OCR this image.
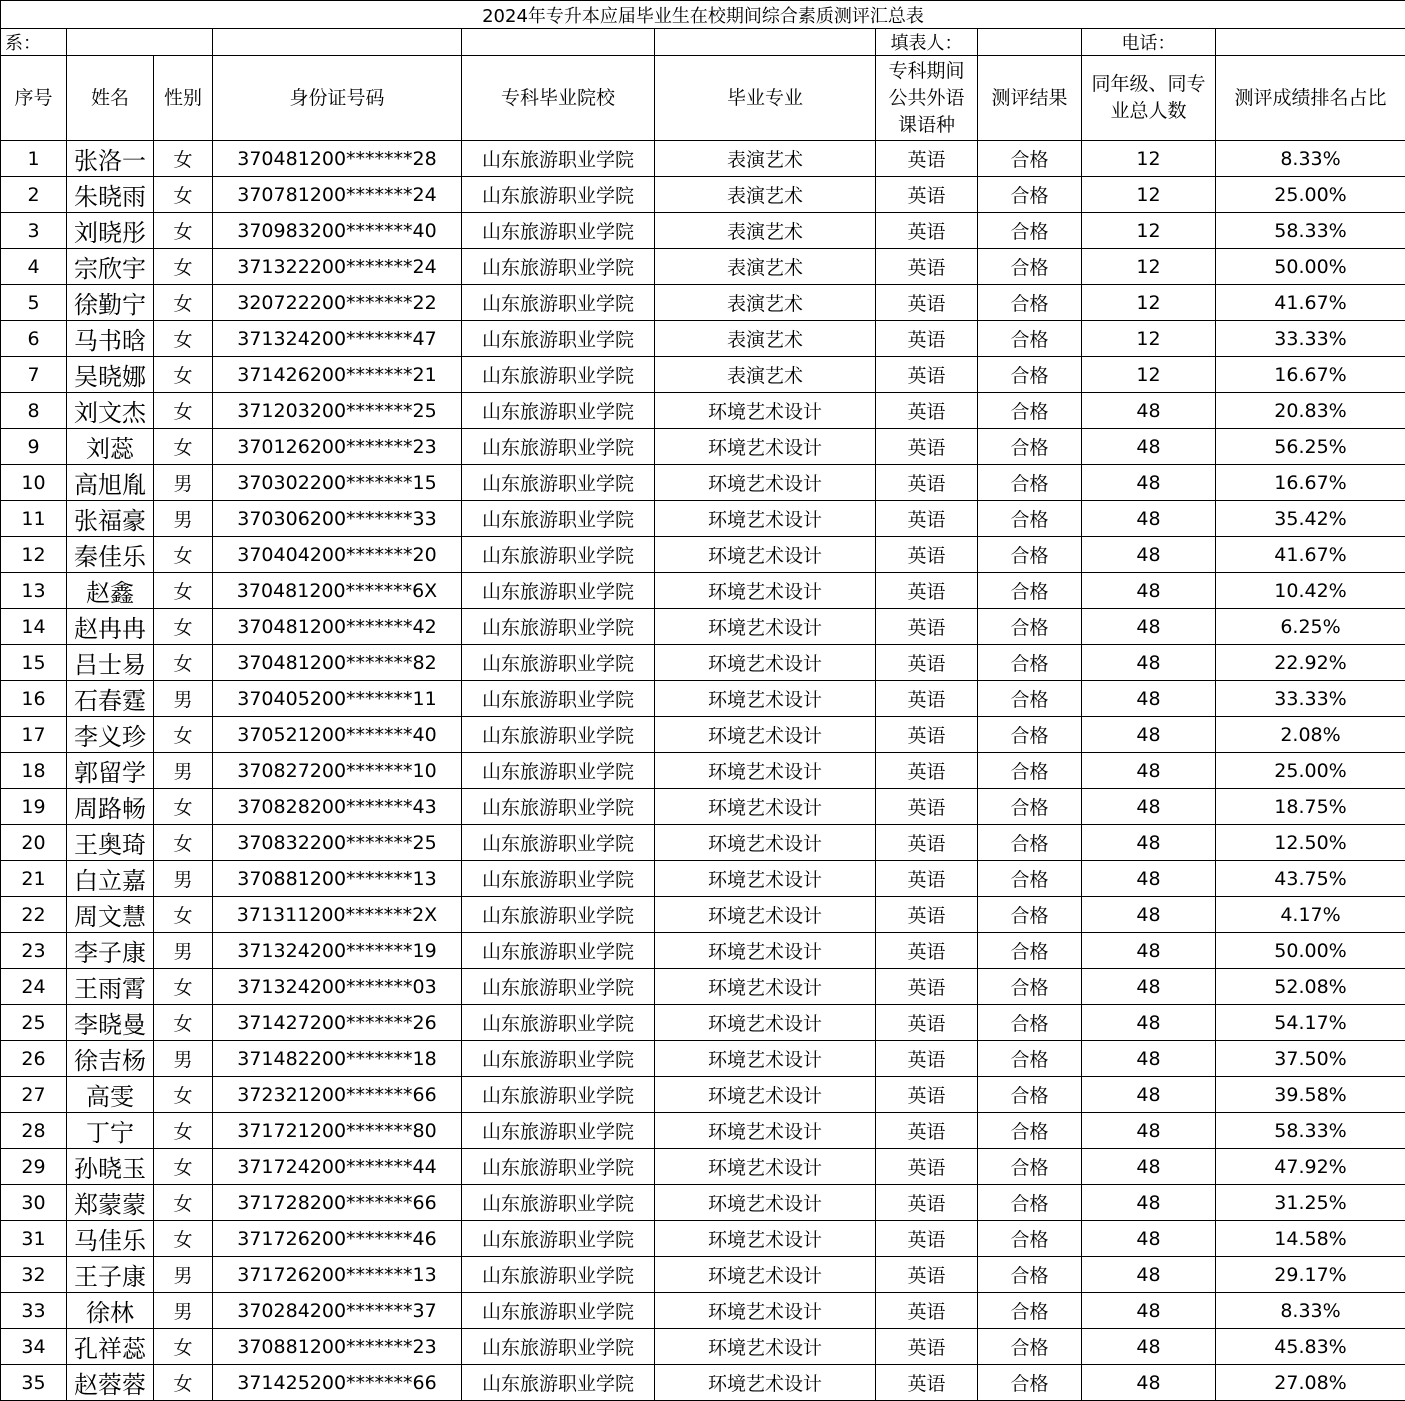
2024年专升本应届毕业生在校期间综合素质测评汇总表									
系：						填表人：		电话：	
序号	姓名	性别	身份证号码	专科毕业院校	毕业专业	专科期间公共外语课语种	测评结果	同年级、同专业总人数	测评成绩排名占比
1	张洛一	女	370481200*******28	山东旅游职业学院	表演艺术	英语	合格	12	8.33%
2	朱晓雨	女	370781200*******24	山东旅游职业学院	表演艺术	英语	合格	12	25.00%
3	刘晓彤	女	370983200*******40	山东旅游职业学院	表演艺术	英语	合格	12	58.33%
4	宗欣宇	女	371322200*******24	山东旅游职业学院	表演艺术	英语	合格	12	50.00%
5	徐勤宁	女	320722200*******22	山东旅游职业学院	表演艺术	英语	合格	12	41.67%
6	马书晗	女	371324200*******47	山东旅游职业学院	表演艺术	英语	合格	12	33.33%
7	吴晓娜	女	371426200*******21	山东旅游职业学院	表演艺术	英语	合格	12	16.67%
8	刘文杰	女	371203200*******25	山东旅游职业学院	环境艺术设计	英语	合格	48	20.83%
9	刘蕊	女	370126200*******23	山东旅游职业学院	环境艺术设计	英语	合格	48	56.25%
10	高旭胤	男	370302200*******15	山东旅游职业学院	环境艺术设计	英语	合格	48	16.67%
11	张福豪	男	370306200*******33	山东旅游职业学院	环境艺术设计	英语	合格	48	35.42%
12	秦佳乐	女	370404200*******20	山东旅游职业学院	环境艺术设计	英语	合格	48	41.67%
13	赵鑫	女	370481200*******6X	山东旅游职业学院	环境艺术设计	英语	合格	48	10.42%
14	赵冉冉	女	370481200*******42	山东旅游职业学院	环境艺术设计	英语	合格	48	6.25%
15	吕士易	女	370481200*******82	山东旅游职业学院	环境艺术设计	英语	合格	48	22.92%
16	石春霆	男	370405200*******11	山东旅游职业学院	环境艺术设计	英语	合格	48	33.33%
17	李义珍	女	370521200*******40	山东旅游职业学院	环境艺术设计	英语	合格	48	2.08%
18	郭留学	男	370827200*******10	山东旅游职业学院	环境艺术设计	英语	合格	48	25.00%
19	周路畅	女	370828200*******43	山东旅游职业学院	环境艺术设计	英语	合格	48	18.75%
20	王奥琦	女	370832200*******25	山东旅游职业学院	环境艺术设计	英语	合格	48	12.50%
21	白立嘉	男	370881200*******13	山东旅游职业学院	环境艺术设计	英语	合格	48	43.75%
22	周文慧	女	371311200*******2X	山东旅游职业学院	环境艺术设计	英语	合格	48	4.17%
23	李子康	男	371324200*******19	山东旅游职业学院	环境艺术设计	英语	合格	48	50.00%
24	王雨霄	女	371324200*******03	山东旅游职业学院	环境艺术设计	英语	合格	48	52.08%
25	李晓曼	女	371427200*******26	山东旅游职业学院	环境艺术设计	英语	合格	48	54.17%
26	徐吉杨	男	371482200*******18	山东旅游职业学院	环境艺术设计	英语	合格	48	37.50%
27	高雯	女	372321200*******66	山东旅游职业学院	环境艺术设计	英语	合格	48	39.58%
28	丁宁	女	371721200*******80	山东旅游职业学院	环境艺术设计	英语	合格	48	58.33%
29	孙晓玉	女	371724200*******44	山东旅游职业学院	环境艺术设计	英语	合格	48	47.92%
30	郑蒙蒙	女	371728200*******66	山东旅游职业学院	环境艺术设计	英语	合格	48	31.25%
31	马佳乐	女	371726200*******46	山东旅游职业学院	环境艺术设计	英语	合格	48	14.58%
32	王子康	男	371726200*******13	山东旅游职业学院	环境艺术设计	英语	合格	48	29.17%
33	徐林	男	370284200*******37	山东旅游职业学院	环境艺术设计	英语	合格	48	8.33%
34	孔祥蕊	女	370881200*******23	山东旅游职业学院	环境艺术设计	英语	合格	48	45.83%
35	赵蓉蓉	女	371425200*******66	山东旅游职业学院	环境艺术设计	英语	合格	48	27.08%
